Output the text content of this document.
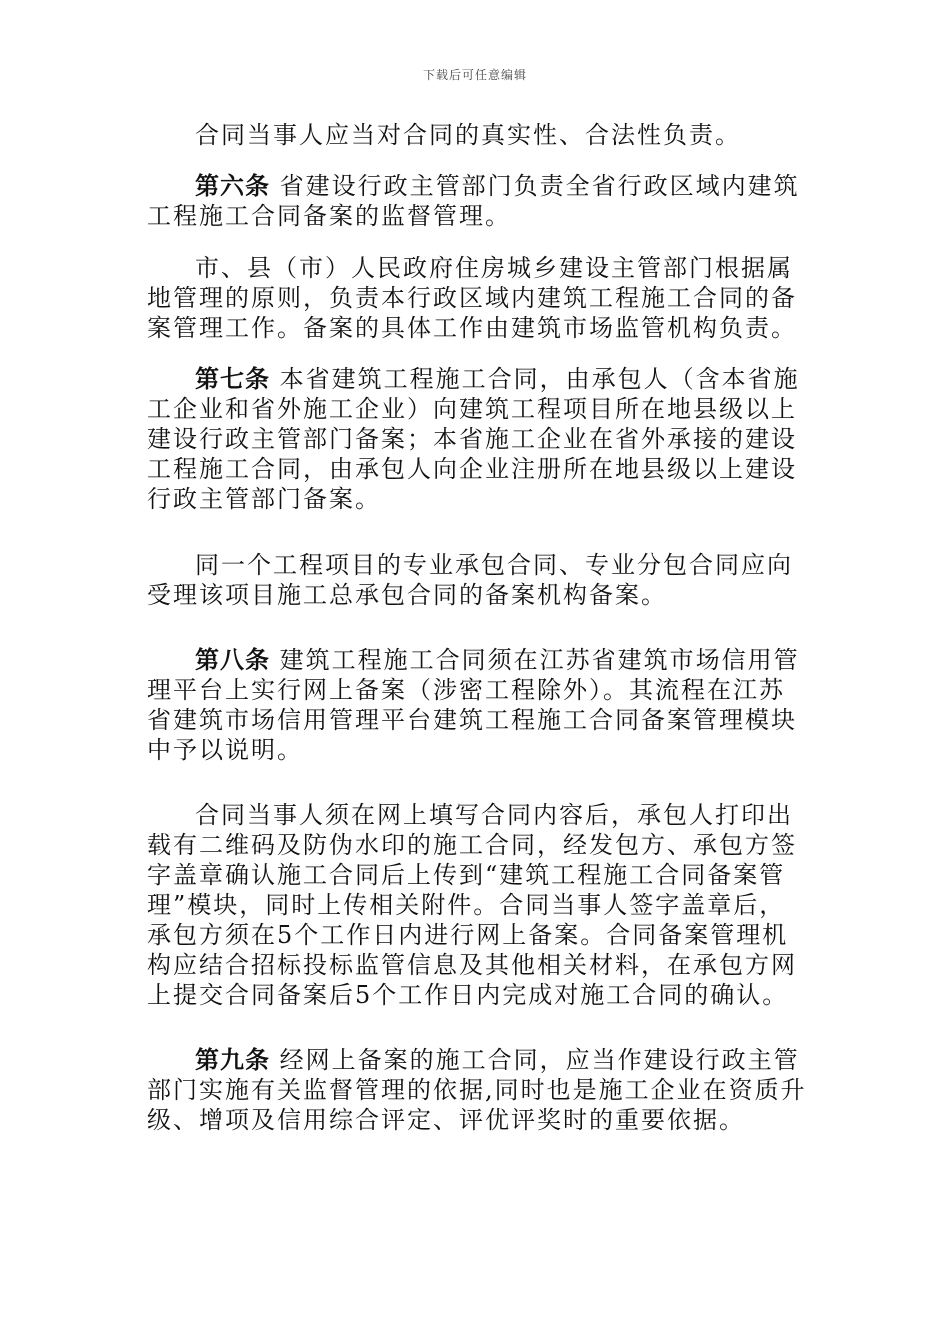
下载后可任意编辑

合同当事人应当对合同的真实性、合法性负责。

第六条 省建设行政主管部门负责全省行政区域内建筑工程施工合同备案的监督管理。

市、县（市）人民政府住房城乡建设主管部门根据属地管理的原则，负责本行政区域内建筑工程施工合同的备案管理工作。备案的具体工作由建筑市场监管机构负责。

第七条 本省建筑工程施工合同，由承包人（含本省施工企业和省外施工企业）向建筑工程项目所在地县级以上建设行政主管部门备案；本省施工企业在省外承接的建设工程施工合同，由承包人向企业注册所在地县级以上建设行政主管部门备案。

同一个工程项目的专业承包合同、专业分包合同应向受理该项目施工总承包合同的备案机构备案。

第八条 建筑工程施工合同须在江苏省建筑市场信用管理平台上实行网上备案（涉密工程除外）。其流程在江苏省建筑市场信用管理平台建筑工程施工合同备案管理模块中予以说明。

合同当事人须在网上填写合同内容后，承包人打印出载有二维码及防伪水印的施工合同，经发包方、承包方签字盖章确认施工合同后上传到“建筑工程施工合同备案管理”模块，同时上传相关附件。合同当事人签字盖章后，承包方须在5个工作日内进行网上备案。合同备案管理机构应结合招标投标监管信息及其他相关材料，在承包方网上提交合同备案后5个工作日内完成对施工合同的确认。

第九条 经网上备案的施工合同，应当作建设行政主管部门实施有关监督管理的依据,同时也是施工企业在资质升级、增项及信用综合评定、评优评奖时的重要依据。
